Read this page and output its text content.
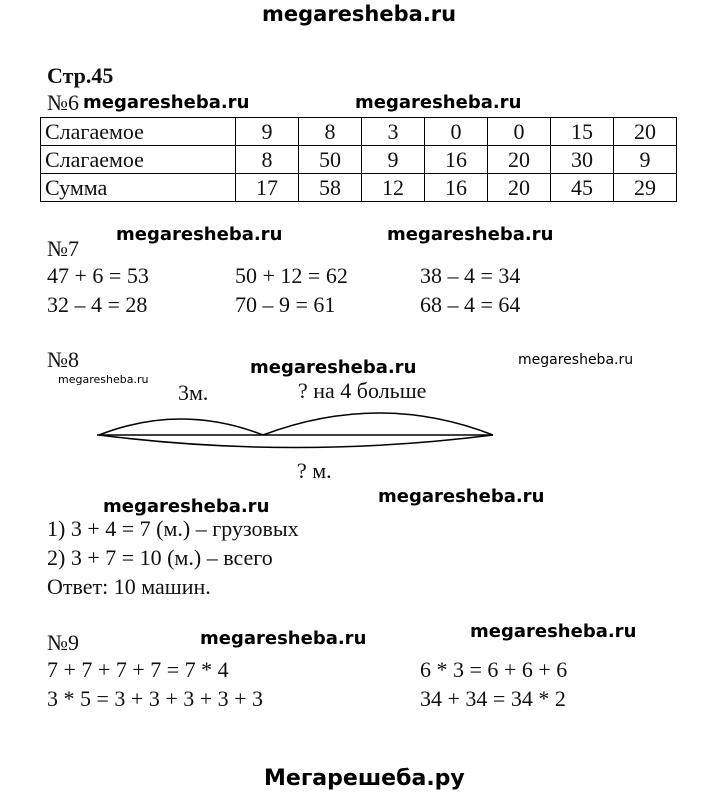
megaresheba.ru
Стр.45
№6 megaresheba.ru	megaresheba.ru
Слагаемое	9	8	3	0	0	15	20
Слагаемое	8	50	9	16	20	30	9
Сумма	17	58	12	16	20	45	29
№7
megaresheba.ru	megaresheba.ru
47 + 6 = 53	50 + 12 = 62	38 – 4 = 34
32 – 4 = 28	70 – 9 = 61	68 – 4 = 64
№8
megaresheba.ru
megaresheba.ru	megaresheba.ru
3м.	? на 4 больше
? м.
megaresheba.ru	megaresheba.ru
1) 3 + 4 = 7 (м.) – грузовых
2) 3 + 7 = 10 (м.) – всего
Ответ: 10 машин.
№9	megaresheba.ru	megaresheba.ru
7 + 7 + 7 + 7 = 7 * 4	6 * 3 = 6 + 6 + 6
3 * 5 = 3 + 3 + 3 + 3 + 3	34 + 34 = 34 * 2
Мегарешеба.ру
